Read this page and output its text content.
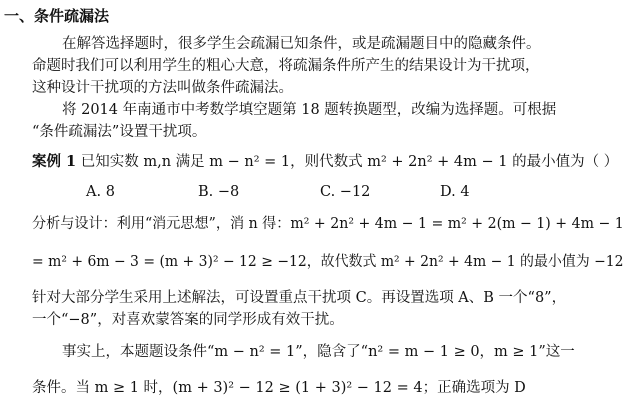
一、条件疏漏法
在解答选择题时，很多学生会疏漏已知条件，或是疏漏题目中的隐藏条件。
命题时我们可以利用学生的粗心大意，将疏漏条件所产生的结果设计为干扰项，
这种设计干扰项的方法叫做条件疏漏法。
将 2014 年南通市中考数学填空题第 18 题转换题型，改编为选择题。可根据
“条件疏漏法”设置干扰项。
案例 1 已知实数 m,n 满足 m − n² = 1，则代数式 m² + 2n² + 4m − 1 的最小值为（ ）
A. 8	B. −8	C. −12	D. 4
分析与设计：利用“消元思想”，消 n 得：m² + 2n² + 4m − 1 = m² + 2(m − 1) + 4m − 1
= m² + 6m − 3 = (m + 3)² − 12 ≥ −12，故代数式 m² + 2n² + 4m − 1 的最小值为 −12
针对大部分学生采用上述解法，可设置重点干扰项 C。再设置选项 A、B 一个“8”，
一个“−8”，对喜欢蒙答案的同学形成有效干扰。
事实上，本题题设条件“m − n² = 1”，隐含了“n² = m − 1 ≥ 0，m ≥ 1”这一
条件。当 m ≥ 1 时，(m + 3)² − 12 ≥ (1 + 3)² − 12 = 4；正确选项为 D
